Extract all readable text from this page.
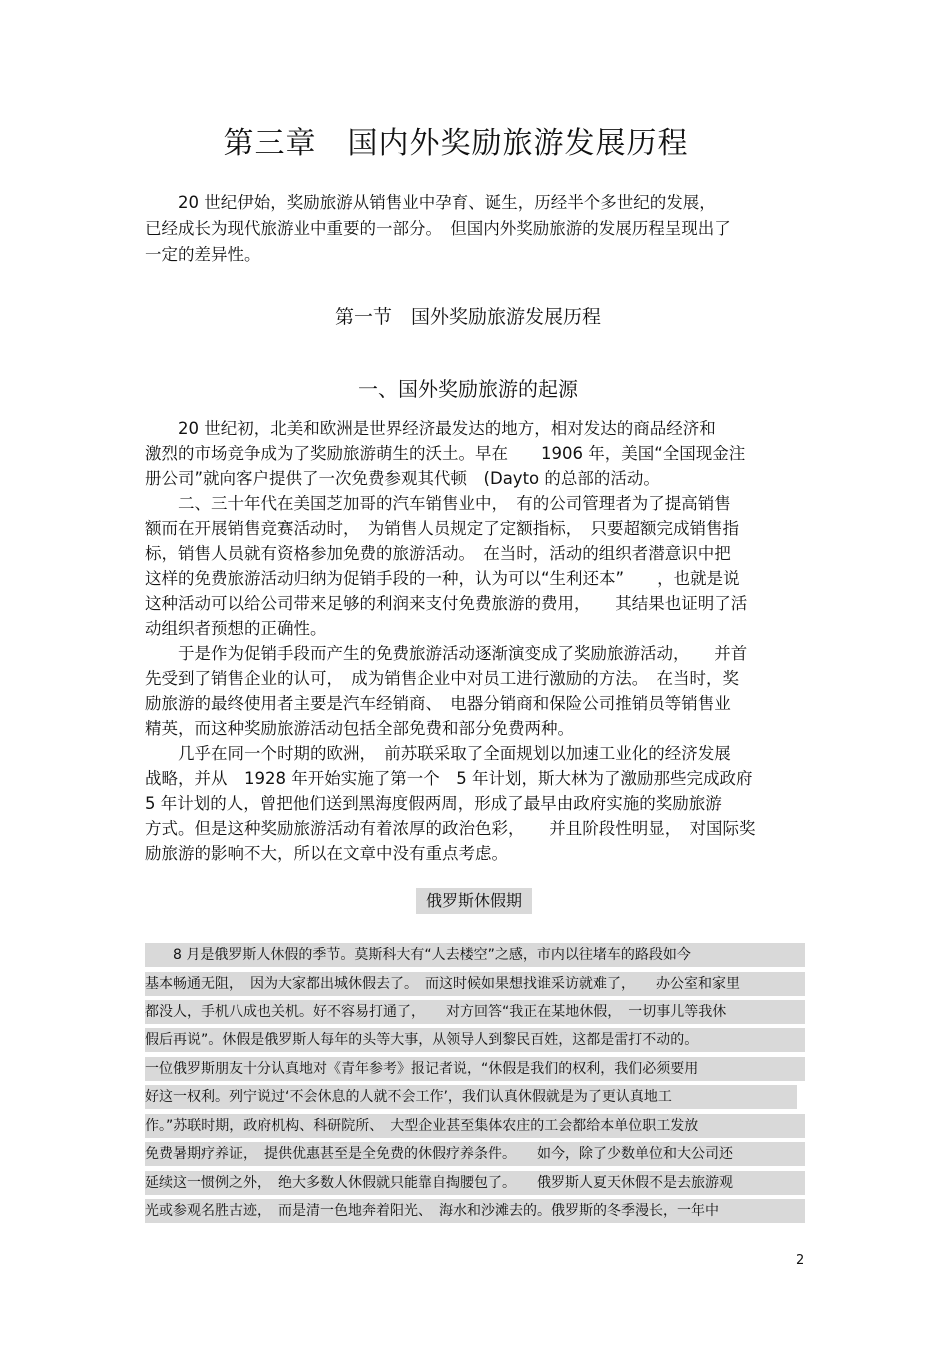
第三章　国内外奖励旅游发展历程
　　20 世纪伊始，奖励旅游从销售业中孕育、诞生，历经半个多世纪的发展，
已经成长为现代旅游业中重要的一部分。　但国内外奖励旅游的发展历程呈现出了
一定的差异性。
第一节　国外奖励旅游发展历程
一、国外奖励旅游的起源
　　20 世纪初，北美和欧洲是世界经济最发达的地方，相对发达的商品经济和
激烈的市场竞争成为了奖励旅游萌生的沃土。早在　　1906 年，美国“全国现金注
册公司”就向客户提供了一次免费参观其代顿　(Dayto 的总部的活动。
　　二、三十年代在美国芝加哥的汽车销售业中，　有的公司管理者为了提高销售
额而在开展销售竞赛活动时，　为销售人员规定了定额指标，　只要超额完成销售指
标，销售人员就有资格参加免费的旅游活动。　在当时，活动的组织者潜意识中把
这样的免费旅游活动归纳为促销手段的一种，认为可以“生利还本”　　，也就是说
这种活动可以给公司带来足够的利润来支付免费旅游的费用，　　其结果也证明了活
动组织者预想的正确性。
　　于是作为促销手段而产生的免费旅游活动逐渐演变成了奖励旅游活动，　　并首
先受到了销售企业的认可，　成为销售企业中对员工进行激励的方法。　在当时，奖
励旅游的最终使用者主要是汽车经销商、　电器分销商和保险公司推销员等销售业
精英，而这种奖励旅游活动包括全部免费和部分免费两种。
　　几乎在同一个时期的欧洲，　前苏联采取了全面规划以加速工业化的经济发展
战略，并从　1928 年开始实施了第一个　5 年计划，斯大林为了激励那些完成政府
5 年计划的人，曾把他们送到黑海度假两周，形成了最早由政府实施的奖励旅游
方式。但是这种奖励旅游活动有着浓厚的政治色彩，　　并且阶段性明显，　对国际奖
励旅游的影响不大，所以在文章中没有重点考虑。
俄罗斯休假期
　　8 月是俄罗斯人休假的季节。莫斯科大有“人去楼空”之感，市内以往堵车的路段如今
基本畅通无阻，　因为大家都出城休假去了。　而这时候如果想找谁采访就难了，　　办公室和家里
都没人，手机八成也关机。好不容易打通了，　　对方回答“我正在某地休假，　一切事儿等我休
假后再说”。休假是俄罗斯人每年的头等大事，从领导人到黎民百姓，这都是雷打不动的。
一位俄罗斯朋友十分认真地对《青年参考》报记者说，“休假是我们的权利，我们必须要用
好这一权利。列宁说过‘不会休息的人就不会工作’，我们认真休假就是为了更认真地工
作。”苏联时期，政府机构、科研院所、　大型企业甚至集体农庄的工会都给本单位职工发放
免费暑期疗养证，　提供优惠甚至是全免费的休假疗养条件。　　如今，除了少数单位和大公司还
延续这一惯例之外，　绝大多数人休假就只能靠自掏腰包了。　　俄罗斯人夏天休假不是去旅游观
光或参观名胜古迹，　而是清一色地奔着阳光、　海水和沙滩去的。俄罗斯的冬季漫长，一年中
2
